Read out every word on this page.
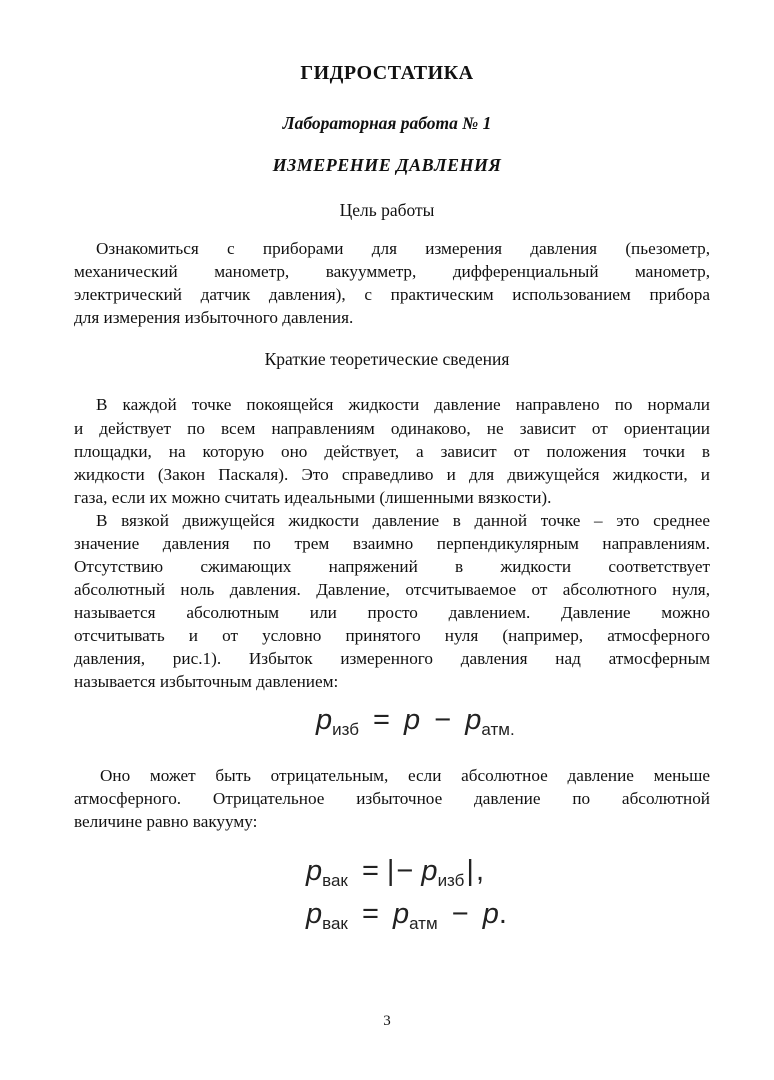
ГИДРОСТАТИКА
Лабораторная работа № 1
ИЗМЕРЕНИЕ ДАВЛЕНИЯ
Цель работы
Ознакомиться с приборами для измерения давления (пьезометр,
механический манометр, вакуумметр, дифференциальный манометр,
электрический датчик давления), с практическим использованием прибора
для измерения избыточного давления.
Краткие теоретические сведения
В каждой точке покоящейся жидкости давление направлено по нормали
и действует по всем направлениям одинаково, не зависит от ориентации
площадки, на которую оно действует, а зависит от положения точки в
жидкости (Закон Паскаля). Это справедливо и для движущейся жидкости, и
газа, если их можно считать идеальными (лишенными вязкости).
В вязкой движущейся жидкости давление в данной точке – это среднее
значение давления по трем взаимно перпендикулярным направлениям.
Отсутствию сжимающих напряжений в жидкости соответствует
абсолютный ноль давления. Давление, отсчитываемое от абсолютного нуля,
называется абсолютным или просто давлением. Давление можно
отсчитывать и от условно принятого нуля (например, атмосферного
давления, рис.1). Избыток измеренного давления над атмосферным
называется избыточным давлением:
$p_{изб} = p - p_{атм.}$
Оно может быть отрицательным, если абсолютное давление меньше
атмосферного. Отрицательное избыточное давление по абсолютной
величине равно вакууму:
$p_{вак}$ = |− $p_{изб}|$,
$p_{вак} = p_{атм} - p$.
3
